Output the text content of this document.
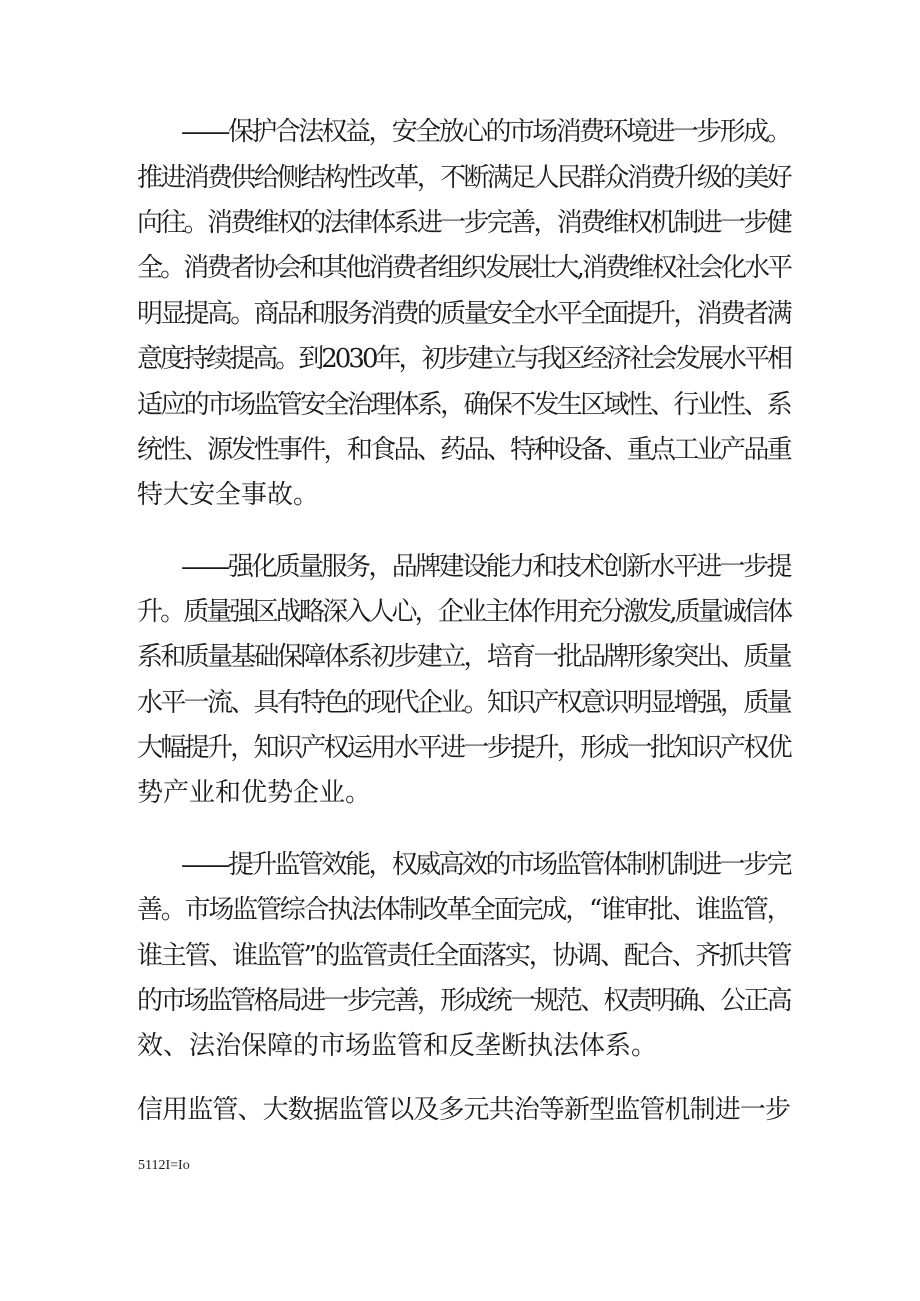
——保护合法权益，安全放心的市场消费环境进一步形成。
推进消费供给侧结构性改革，不断满足人民群众消费升级的美好
向往。消费维权的法律体系进一步完善，消费维权机制进一步健
全。消费者协会和其他消费者组织发展壮大,消费维权社会化水平
明显提高。商品和服务消费的质量安全水平全面提升，消费者满
意度持续提高。到2030年，初步建立与我区经济社会发展水平相
适应的市场监管安全治理体系，确保不发生区域性、行业性、系
统性、源发性事件，和食品、药品、特种设备、重点工业产品重
特大安全事故。
——强化质量服务，品牌建设能力和技术创新水平进一步提
升。质量强区战略深入人心，企业主体作用充分激发,质量诚信体
系和质量基础保障体系初步建立，培育一批品牌形象突出、质量
水平一流、具有特色的现代企业。知识产权意识明显增强，质量
大幅提升，知识产权运用水平进一步提升，形成一批知识产权优
势产业和优势企业。
——提升监管效能，权威高效的市场监管体制机制进一步完
善。市场监管综合执法体制改革全面完成，“谁审批、谁监管，
谁主管、谁监管”的监管责任全面落实，协调、配合、齐抓共管
的市场监管格局进一步完善，形成统一规范、权责明确、公正高
效、法治保障的市场监管和反垄断执法体系。
信用监管、大数据监管以及多元共治等新型监管机制进一步
5112I=Io
